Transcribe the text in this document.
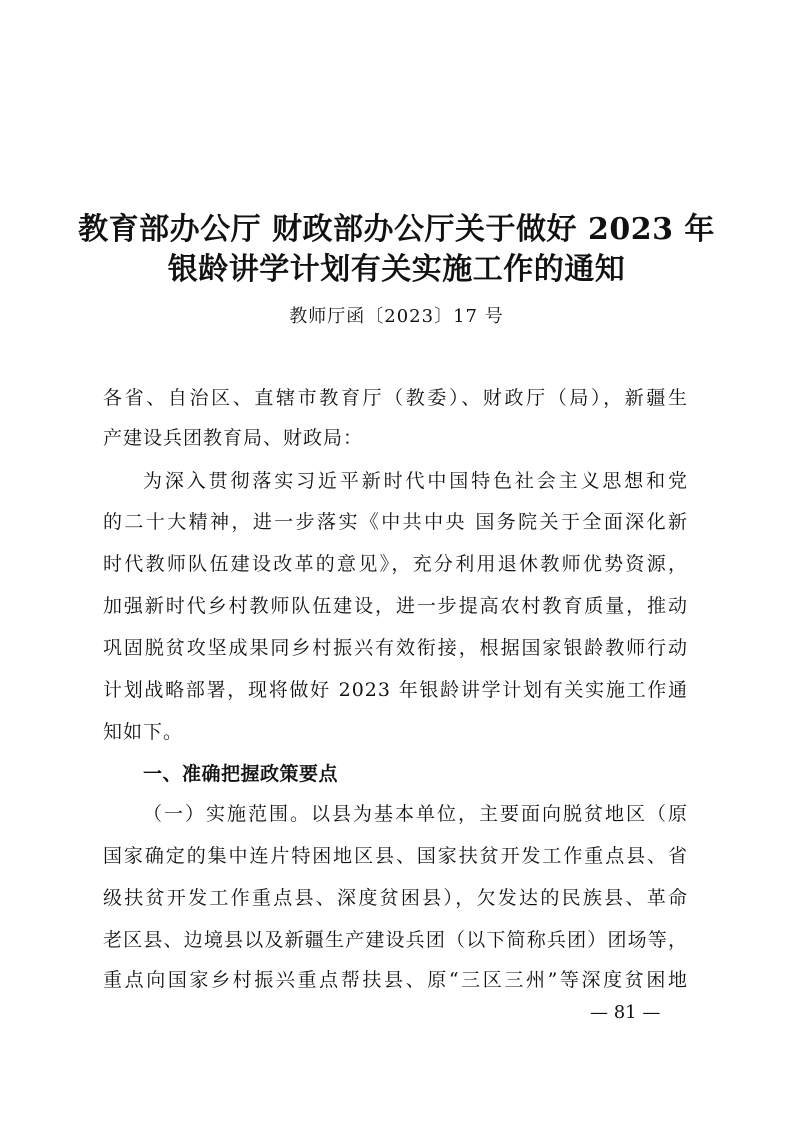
教育部办公厅 财政部办公厅关于做好 2023 年
银龄讲学计划有关实施工作的通知
教师厅函〔2023〕17 号
各省、自治区、直辖市教育厅（教委）、财政厅（局），新疆生
产建设兵团教育局、财政局：
为深入贯彻落实习近平新时代中国特色社会主义思想和党
的二十大精神，进一步落实《中共中央 国务院关于全面深化新
时代教师队伍建设改革的意见》，充分利用退休教师优势资源，
加强新时代乡村教师队伍建设，进一步提高农村教育质量，推动
巩固脱贫攻坚成果同乡村振兴有效衔接，根据国家银龄教师行动
计划战略部署，现将做好 2023 年银龄讲学计划有关实施工作通
知如下。
一、准确把握政策要点
（一）实施范围。以县为基本单位，主要面向脱贫地区（原
国家确定的集中连片特困地区县、国家扶贫开发工作重点县、省
级扶贫开发工作重点县、深度贫困县），欠发达的民族县、革命
老区县、边境县以及新疆生产建设兵团（以下简称兵团）团场等，
重点向国家乡村振兴重点帮扶县、原“三区三州”等深度贫困地
— 81 —
